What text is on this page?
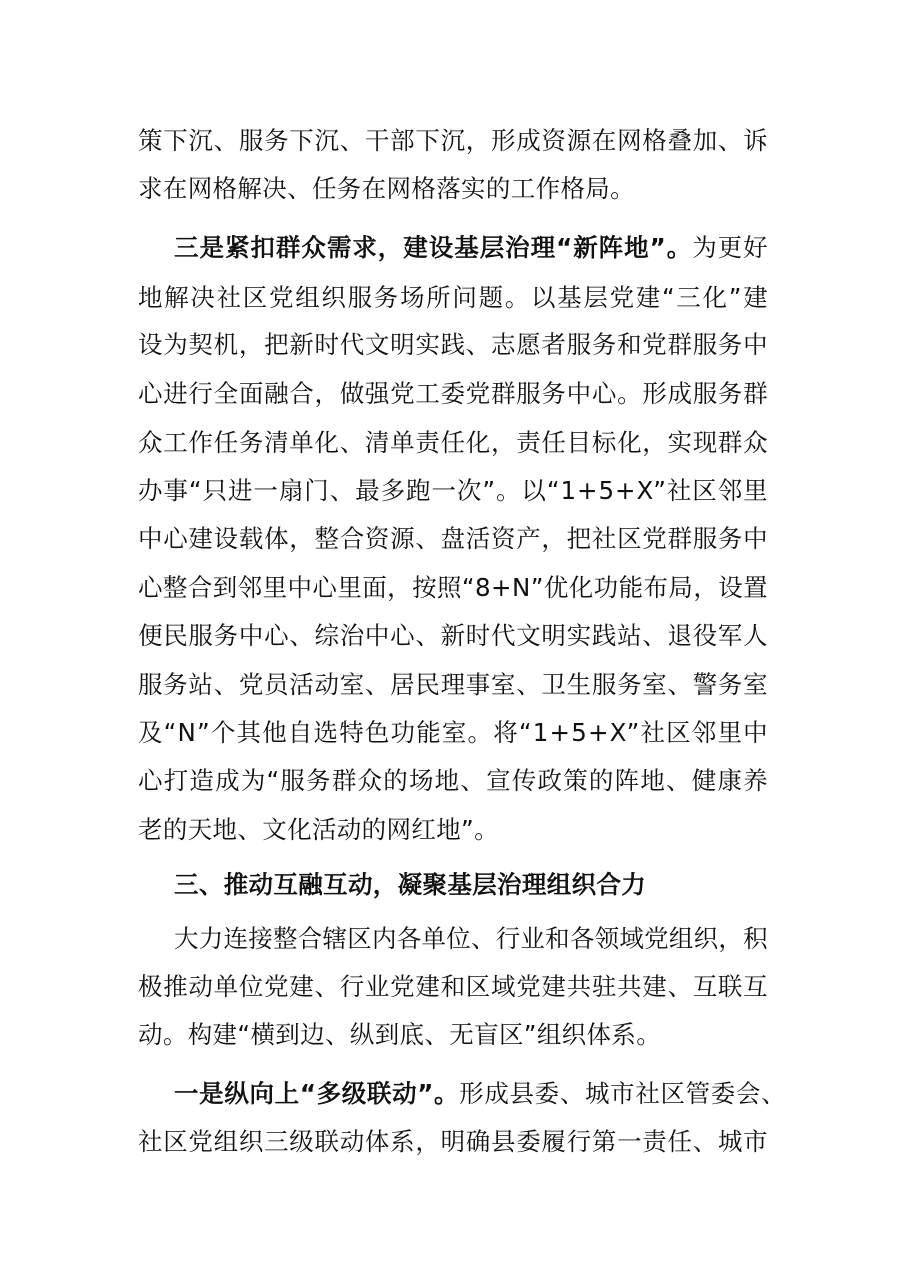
策下沉、服务下沉、干部下沉，形成资源在网格叠加、诉
求在网格解决、任务在网格落实的工作格局。
三是紧扣群众需求，建设基层治理“新阵地”。为更好
地解决社区党组织服务场所问题。以基层党建“三化”建
设为契机，把新时代文明实践、志愿者服务和党群服务中
心进行全面融合，做强党工委党群服务中心。形成服务群
众工作任务清单化、清单责任化，责任目标化，实现群众
办事“只进一扇门、最多跑一次”。以“1+5+X”社区邻里
中心建设载体，整合资源、盘活资产，把社区党群服务中
心整合到邻里中心里面，按照“8+N”优化功能布局，设置
便民服务中心、综治中心、新时代文明实践站、退役军人
服务站、党员活动室、居民理事室、卫生服务室、警务室
及“N”个其他自选特色功能室。将“1+5+X”社区邻里中
心打造成为“服务群众的场地、宣传政策的阵地、健康养
老的天地、文化活动的网红地”。
三、推动互融互动，凝聚基层治理组织合力
大力连接整合辖区内各单位、行业和各领域党组织，积
极推动单位党建、行业党建和区域党建共驻共建、互联互
动。构建“横到边、纵到底、无盲区”组织体系。
一是纵向上“多级联动”。形成县委、城市社区管委会、
社区党组织三级联动体系，明确县委履行第一责任、城市
